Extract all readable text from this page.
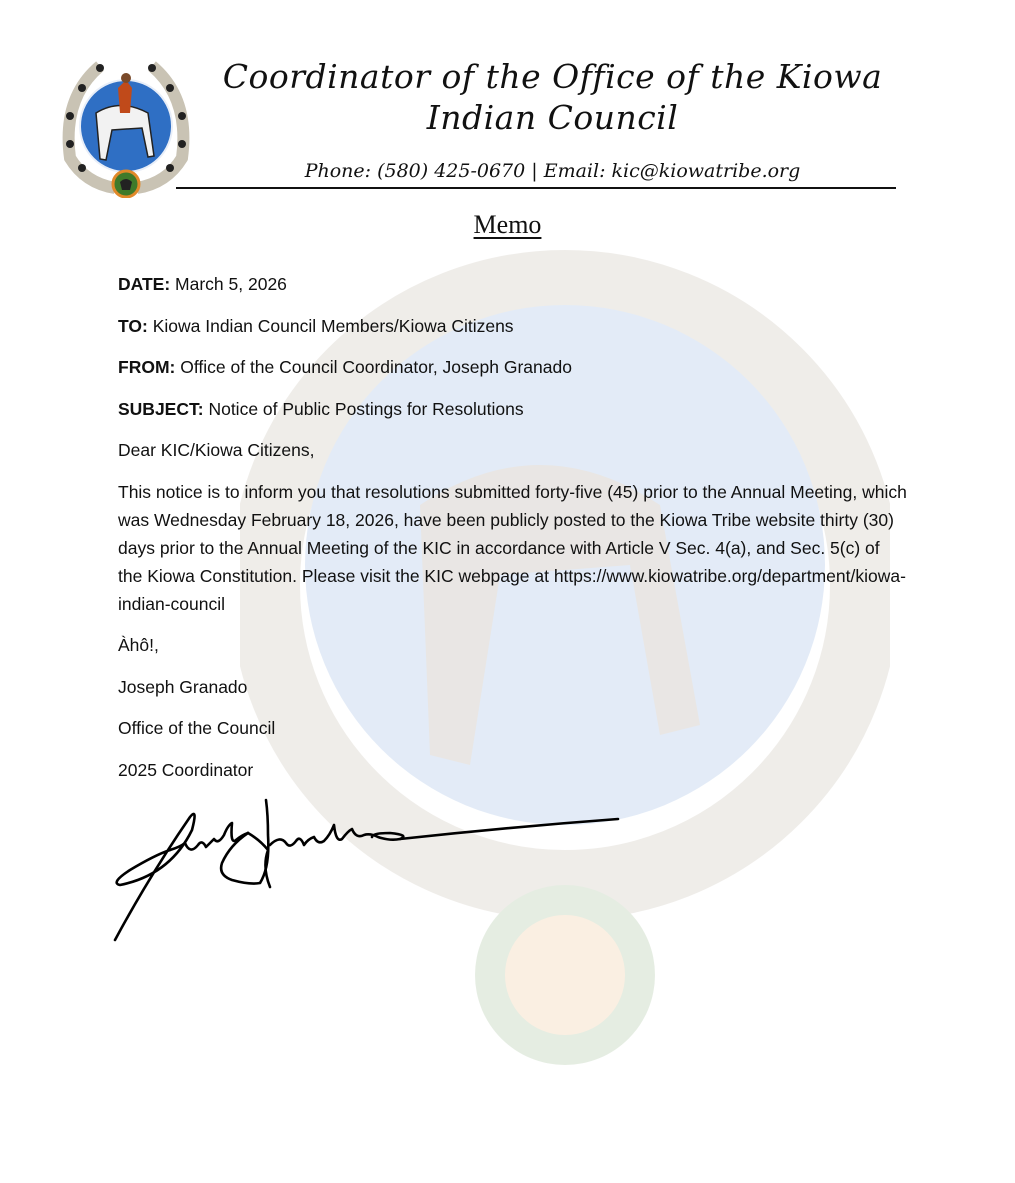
Coordinator of the Office of the Kiowa
Indian Council
Phone: (580) 425-0670 | Email: kic@kiowatribe.org
Memo

DATE: March 5, 2026

TO: Kiowa Indian Council Members/Kiowa Citizens

FROM: Office of the Council Coordinator, Joseph Granado

SUBJECT: Notice of Public Postings for Resolutions

Dear KIC/Kiowa Citizens,

This notice is to inform you that resolutions submitted forty-five (45) prior to the Annual Meeting, which was Wednesday February 18, 2026, have been publicly posted to the Kiowa Tribe website thirty (30) days prior to the Annual Meeting of the KIC in accordance with Article V Sec. 4(a), and Sec. 5(c) of the Kiowa Constitution. Please visit the KIC webpage at https://www.kiowatribe.org/department/kiowa-indian-council

Àhô!,

Joseph Granado

Office of the Council

2025 Coordinator
